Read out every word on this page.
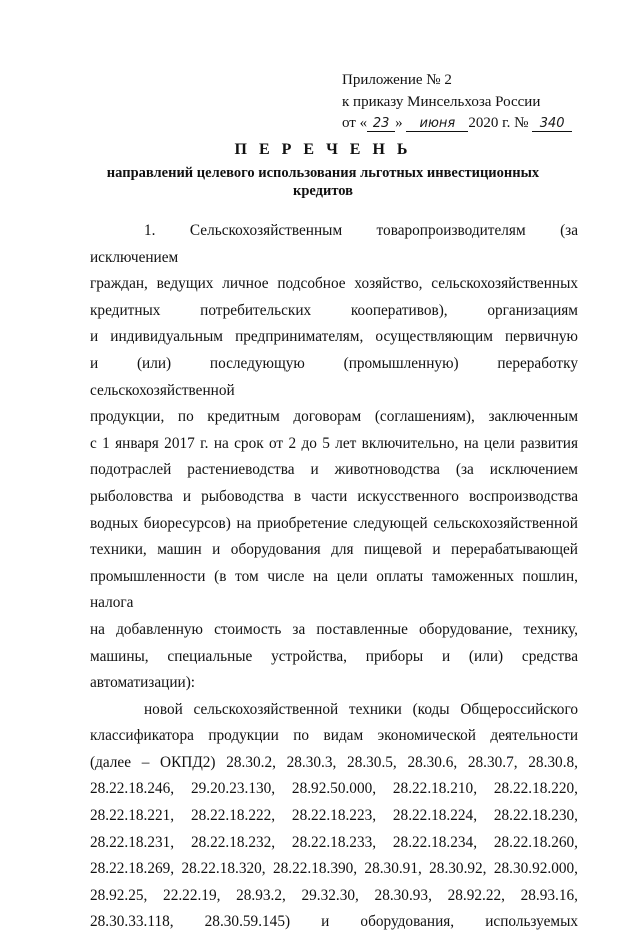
Приложение № 2
к приказу Минсельхоза России
от « 23 » июня 2020 г. № 340
П Е Р Е Ч Е Н Ь
направлений целевого использования льготных инвестиционных
кредитов

1. Сельскохозяйственным товаропроизводителям (за исключением

граждан, ведущих личное подсобное хозяйство, сельскохозяйственных

кредитных потребительских кооперативов), организациям

и индивидуальным предпринимателям, осуществляющим первичную

и (или) последующую (промышленную) переработку сельскохозяйственной

продукции, по кредитным договорам (соглашениям), заключенным

с 1 января 2017 г. на срок от 2 до 5 лет включительно, на цели развития

подотраслей растениеводства и животноводства (за исключением

рыболовства и рыбоводства в части искусственного воспроизводства

водных биоресурсов) на приобретение следующей сельскохозяйственной

техники, машин и оборудования для пищевой и перерабатывающей

промышленности (в том числе на цели оплаты таможенных пошлин, налога

на добавленную стоимость за поставленные оборудование, технику,

машины, специальные устройства, приборы и (или) средства

автоматизации):

новой сельскохозяйственной техники (коды Общероссийского

классификатора продукции по видам экономической деятельности

(далее – ОКПД2) 28.30.2, 28.30.3, 28.30.5, 28.30.6, 28.30.7, 28.30.8,

28.22.18.246, 29.20.23.130, 28.92.50.000, 28.22.18.210, 28.22.18.220,

28.22.18.221, 28.22.18.222, 28.22.18.223, 28.22.18.224, 28.22.18.230,

28.22.18.231, 28.22.18.232, 28.22.18.233, 28.22.18.234, 28.22.18.260,

28.22.18.269, 28.22.18.320, 28.22.18.390, 28.30.91, 28.30.92, 28.30.92.000,

28.92.25, 22.22.19, 28.93.2, 29.32.30, 28.30.93, 28.92.22, 28.93.16,

28.30.33.118, 28.30.59.145) и оборудования, используемых
